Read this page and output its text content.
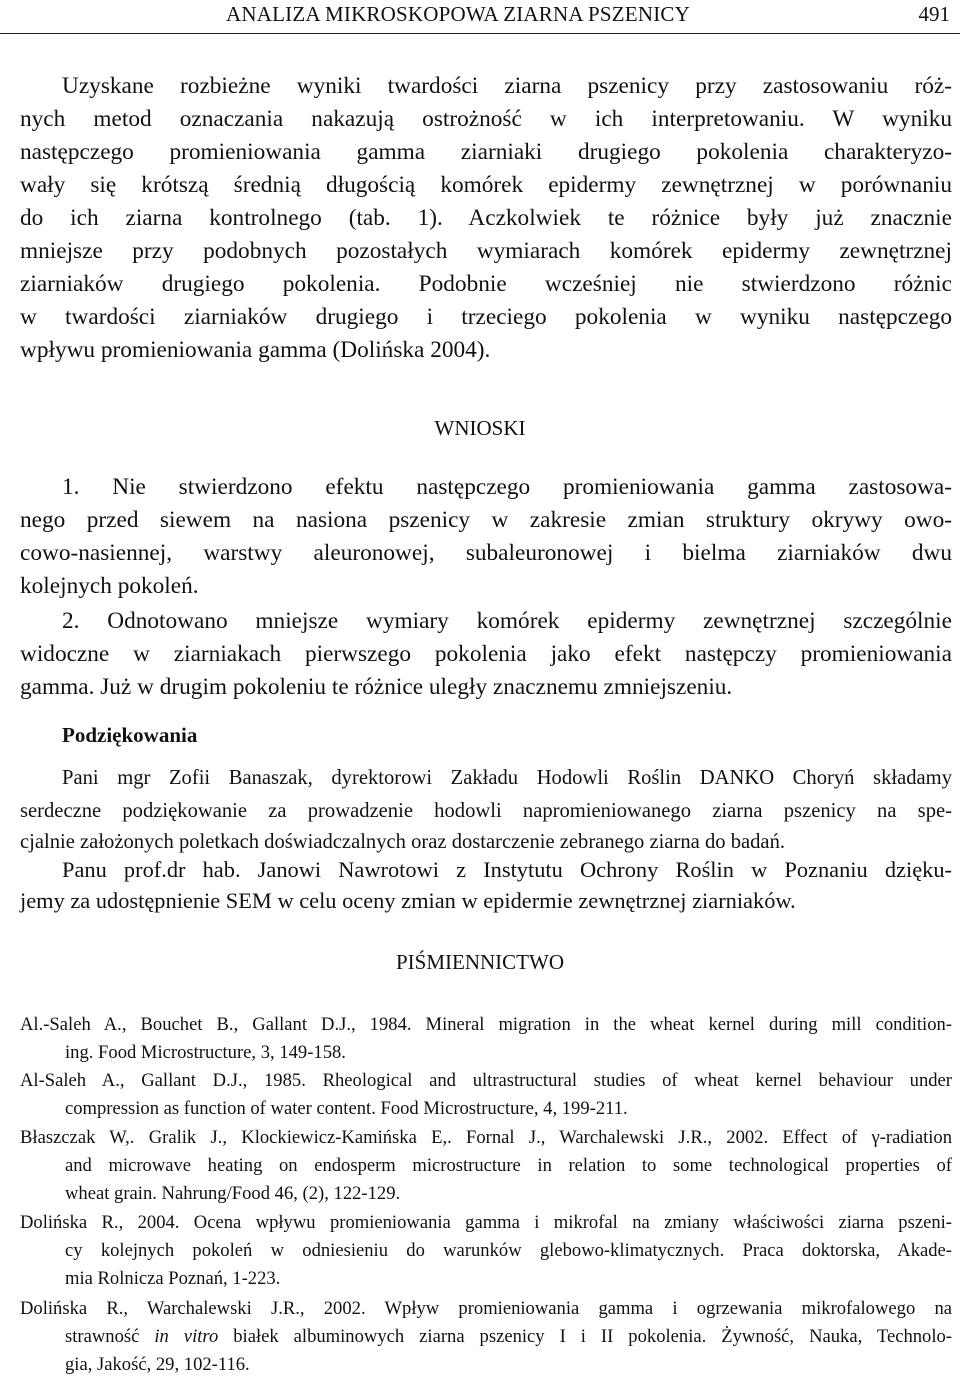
ANALIZA MIKROSKOPOWA ZIARNA PSZENICY	491
Uzyskane rozbieżne wyniki twardości ziarna pszenicy przy zastosowaniu róż-
nych metod oznaczania nakazują ostrożność w ich interpretowaniu. W wyniku
następczego promieniowania gamma ziarniaki drugiego pokolenia charakteryzo-
wały się krótszą średnią długością komórek epidermy zewnętrznej w porównaniu
do ich ziarna kontrolnego (tab. 1). Aczkolwiek te różnice były już znacznie
mniejsze przy podobnych pozostałych wymiarach komórek epidermy zewnętrznej
ziarniaków drugiego pokolenia. Podobnie wcześniej nie stwierdzono różnic
w twardości ziarniaków drugiego i trzeciego pokolenia w wyniku następczego
wpływu promieniowania gamma (Dolińska 2004).
WNIOSKI
1. Nie stwierdzono efektu następczego promieniowania gamma zastosowa-
nego przed siewem na nasiona pszenicy w zakresie zmian struktury okrywy owo-
cowo-nasiennej, warstwy aleuronowej, subaleuronowej i bielma ziarniaków dwu
kolejnych pokoleń.
2. Odnotowano mniejsze wymiary komórek epidermy zewnętrznej szczególnie
widoczne w ziarniakach pierwszego pokolenia jako efekt następczy promieniowania
gamma. Już w drugim pokoleniu te różnice uległy znacznemu zmniejszeniu.
Podziękowania
Pani mgr Zofii Banaszak, dyrektorowi Zakładu Hodowli Roślin DANKO Choryń składamy
serdeczne podziękowanie za prowadzenie hodowli napromieniowanego ziarna pszenicy na spe-
cjalnie założonych poletkach doświadczalnych oraz dostarczenie zebranego ziarna do badań.
Panu prof.dr hab. Janowi Nawrotowi z Instytutu Ochrony Roślin w Poznaniu dzięku-
jemy za udostępnienie SEM w celu oceny zmian w epidermie zewnętrznej ziarniaków.
PIŚMIENNICTWO
Al.-Saleh A., Bouchet B., Gallant D.J., 1984. Mineral migration in the wheat kernel during mill condition-
ing. Food Microstructure, 3, 149-158.
Al-Saleh A., Gallant D.J., 1985. Rheological and ultrastructural studies of wheat kernel behaviour under
compression as function of water content. Food Microstructure, 4, 199-211.
Błaszczak W,. Gralik J., Klockiewicz-Kamińska E,. Fornal J., Warchalewski J.R., 2002. Effect of γ-radiation
and microwave heating on endosperm microstructure in relation to some technological properties of
wheat grain. Nahrung/Food 46, (2), 122-129.
Dolińska R., 2004. Ocena wpływu promieniowania gamma i mikrofal na zmiany właściwości ziarna pszeni-
cy kolejnych pokoleń w odniesieniu do warunków glebowo-klimatycznych. Praca doktorska, Akade-
mia Rolnicza Poznań, 1-223.
Dolińska R., Warchalewski J.R., 2002. Wpływ promieniowania gamma i ogrzewania mikrofalowego na
strawność in vitro białek albuminowych ziarna pszenicy I i II pokolenia. Żywność, Nauka, Technolo-
gia, Jakość, 29, 102-116.
